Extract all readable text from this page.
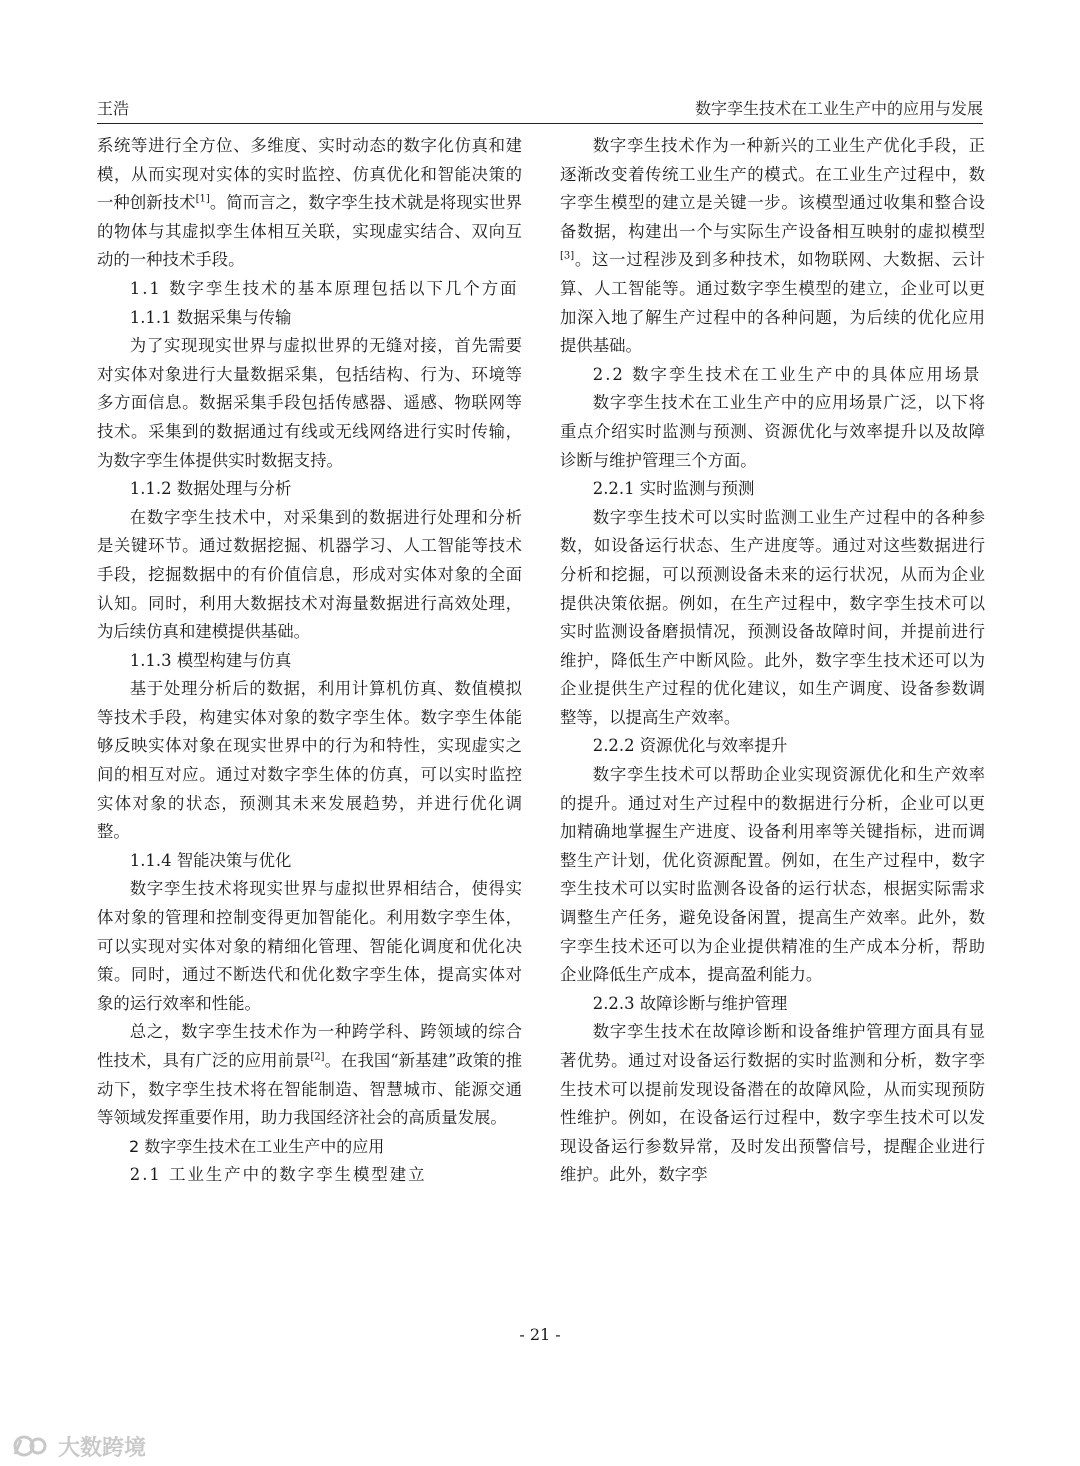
王浩	数字孪生技术在工业生产中的应用与发展

系统等进行全方位、多维度、实时动态的数字化仿真和建模，从而实现对实体的实时监控、仿真优化和智能决策的一种创新技术[1]。简而言之，数字孪生技术就是将现实世界的物体与其虚拟孪生体相互关联，实现虚实结合、双向互动的一种技术手段。

1.1 数字孪生技术的基本原理包括以下几个方面

1.1.1 数据采集与传输

为了实现现实世界与虚拟世界的无缝对接，首先需要对实体对象进行大量数据采集，包括结构、行为、环境等多方面信息。数据采集手段包括传感器、遥感、物联网等技术。采集到的数据通过有线或无线网络进行实时传输，为数字孪生体提供实时数据支持。

1.1.2 数据处理与分析

在数字孪生技术中，对采集到的数据进行处理和分析是关键环节。通过数据挖掘、机器学习、人工智能等技术手段，挖掘数据中的有价值信息，形成对实体对象的全面认知。同时，利用大数据技术对海量数据进行高效处理，为后续仿真和建模提供基础。

1.1.3 模型构建与仿真

基于处理分析后的数据，利用计算机仿真、数值模拟等技术手段，构建实体对象的数字孪生体。数字孪生体能够反映实体对象在现实世界中的行为和特性，实现虚实之间的相互对应。通过对数字孪生体的仿真，可以实时监控实体对象的状态，预测其未来发展趋势，并进行优化调整。

1.1.4 智能决策与优化

数字孪生技术将现实世界与虚拟世界相结合，使得实体对象的管理和控制变得更加智能化。利用数字孪生体，可以实现对实体对象的精细化管理、智能化调度和优化决策。同时，通过不断迭代和优化数字孪生体，提高实体对象的运行效率和性能。

总之，数字孪生技术作为一种跨学科、跨领域的综合性技术，具有广泛的应用前景[2]。在我国“新基建”政策的推动下，数字孪生技术将在智能制造、智慧城市、能源交通等领域发挥重要作用，助力我国经济社会的高质量发展。

2 数字孪生技术在工业生产中的应用

2.1 工业生产中的数字孪生模型建立

数字孪生技术作为一种新兴的工业生产优化手段，正逐渐改变着传统工业生产的模式。在工业生产过程中，数字孪生模型的建立是关键一步。该模型通过收集和整合设备数据，构建出一个与实际生产设备相互映射的虚拟模型[3]。这一过程涉及到多种技术，如物联网、大数据、云计算、人工智能等。通过数字孪生模型的建立，企业可以更加深入地了解生产过程中的各种问题，为后续的优化应用提供基础。

2.2 数字孪生技术在工业生产中的具体应用场景

数字孪生技术在工业生产中的应用场景广泛，以下将重点介绍实时监测与预测、资源优化与效率提升以及故障诊断与维护管理三个方面。

2.2.1 实时监测与预测

数字孪生技术可以实时监测工业生产过程中的各种参数，如设备运行状态、生产进度等。通过对这些数据进行分析和挖掘，可以预测设备未来的运行状况，从而为企业提供决策依据。例如，在生产过程中，数字孪生技术可以实时监测设备磨损情况，预测设备故障时间，并提前进行维护，降低生产中断风险。此外，数字孪生技术还可以为企业提供生产过程的优化建议，如生产调度、设备参数调整等，以提高生产效率。

2.2.2 资源优化与效率提升

数字孪生技术可以帮助企业实现资源优化和生产效率的提升。通过对生产过程中的数据进行分析，企业可以更加精确地掌握生产进度、设备利用率等关键指标，进而调整生产计划，优化资源配置。例如，在生产过程中，数字孪生技术可以实时监测各设备的运行状态，根据实际需求调整生产任务，避免设备闲置，提高生产效率。此外，数字孪生技术还可以为企业提供精准的生产成本分析，帮助企业降低生产成本，提高盈利能力。

2.2.3 故障诊断与维护管理

数字孪生技术在故障诊断和设备维护管理方面具有显著优势。通过对设备运行数据的实时监测和分析，数字孪生技术可以提前发现设备潜在的故障风险，从而实现预防性维护。例如，在设备运行过程中，数字孪生技术可以发现设备运行参数异常，及时发出预警信号，提醒企业进行维护。此外，数字孪

- 21 -
大数跨境
